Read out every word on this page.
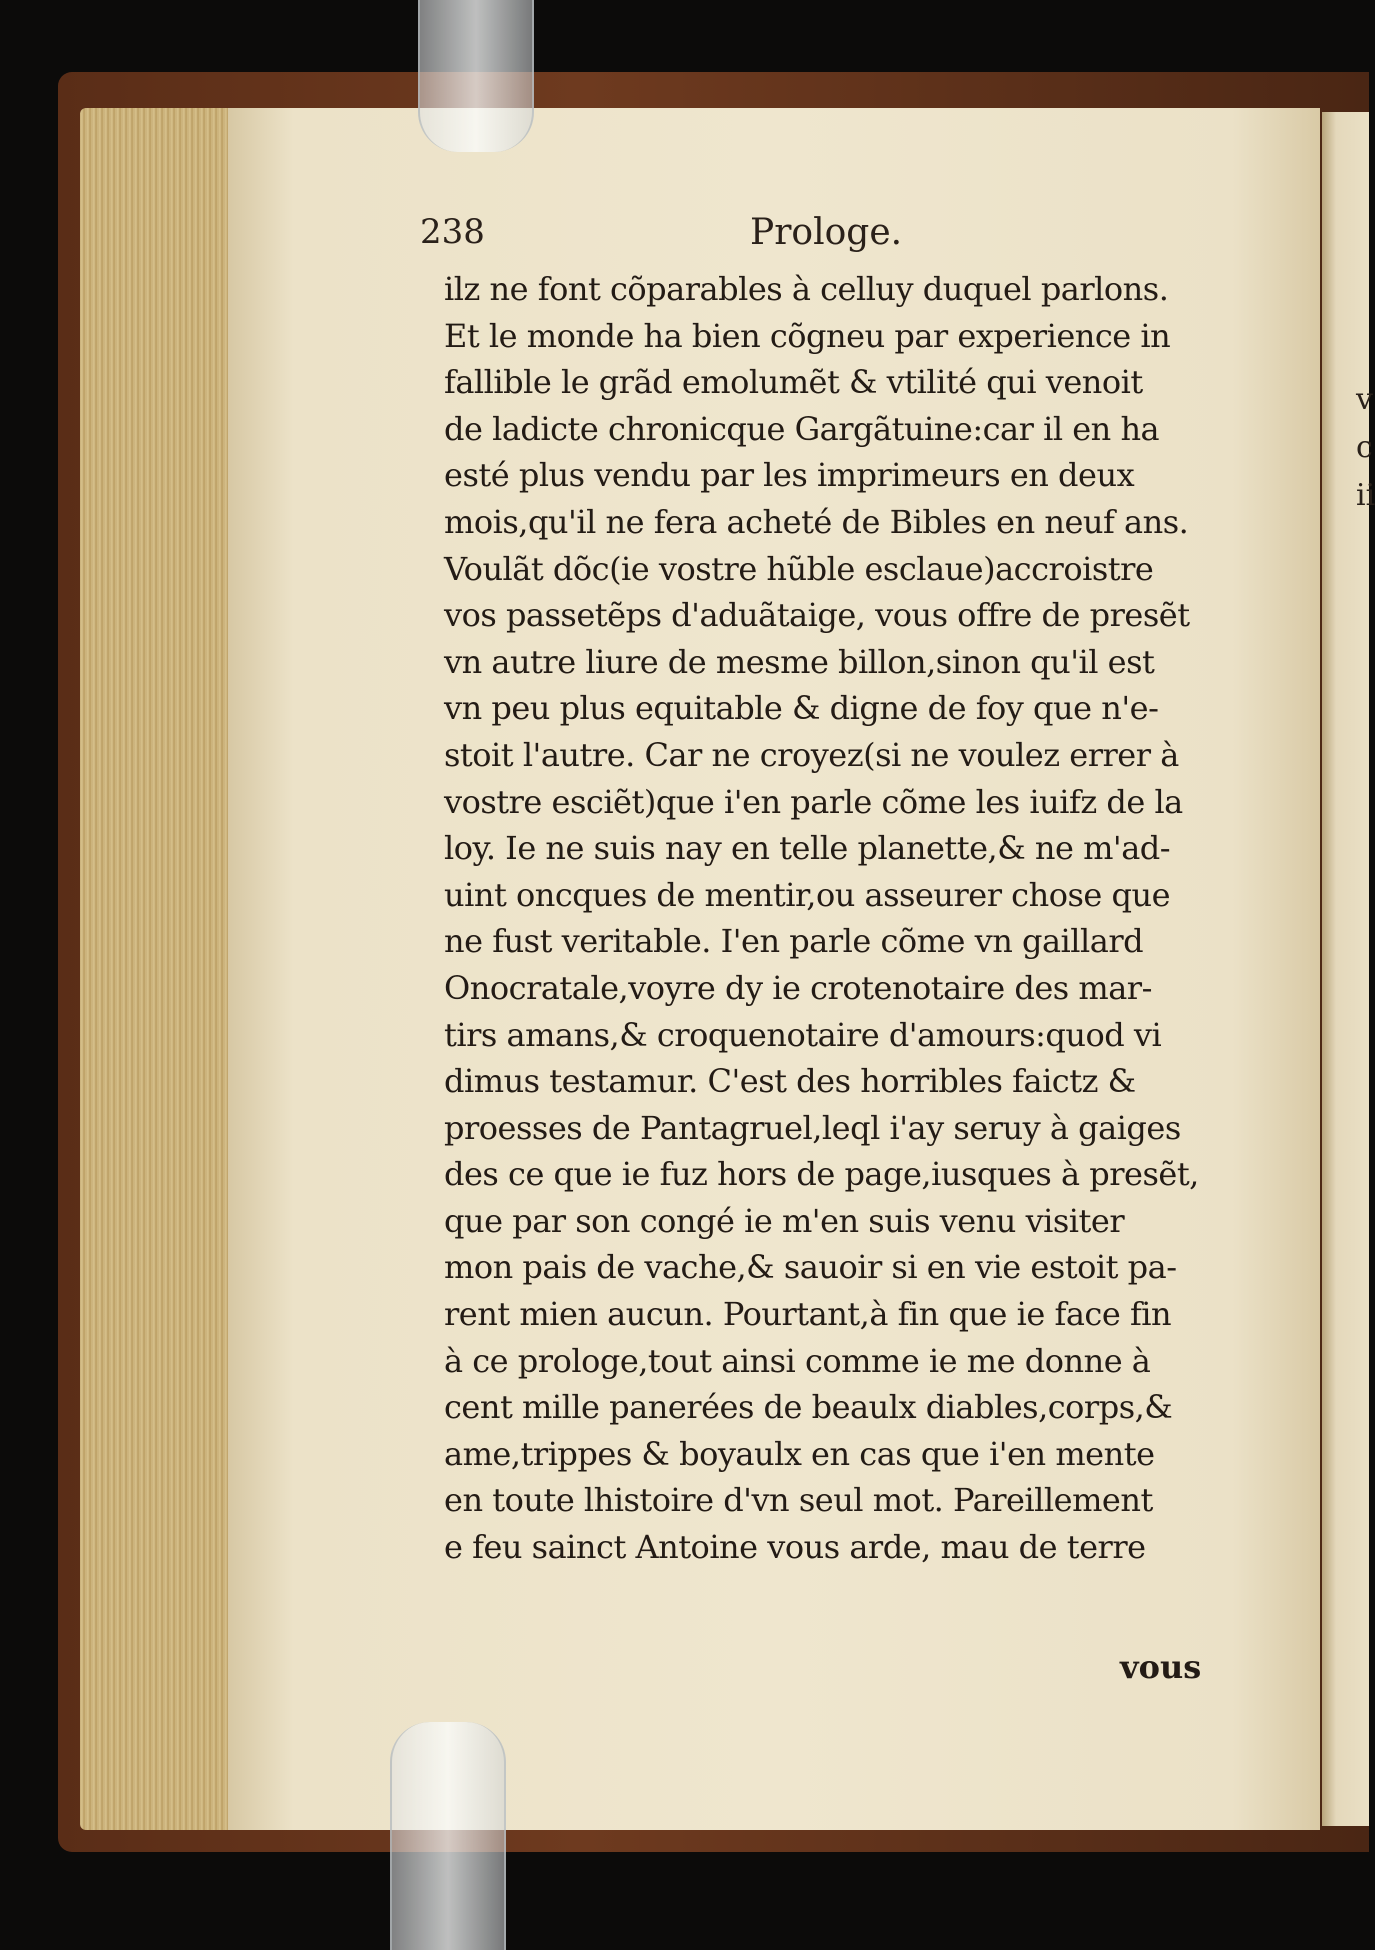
v
c
ii
238	Prologe.
ilz ne font cõparables à celluy duquel parlons.
Et le monde ha bien cõgneu par experience in
fallible le grãd emolumẽt & vtilité qui venoit
de ladicte chronicque Gargãtuine:car il en ha
esté plus vendu par les imprimeurs en deux
mois,qu'il ne fera acheté de Bibles en neuf ans.
Voulãt dõc(ie vostre hũble esclaue)accroistre
vos passetẽps d'aduãtaige, vous offre de presẽt
vn autre liure de mesme billon,sinon qu'il est
vn peu plus equitable & digne de foy que n'e-
stoit l'autre. Car ne croyez(si ne voulez errer à
vostre esciẽt)que i'en parle cõme les iuifz de la
loy. Ie ne suis nay en telle planette,& ne m'ad-
uint oncques de mentir,ou asseurer chose que
ne fust veritable. I'en parle cõme vn gaillard
Onocratale,voyre dy ie crotenotaire des mar-
tirs amans,& croquenotaire d'amours:quod vi
dimus testamur. C'est des horribles faictz &
proesses de Pantagruel,leql i'ay seruy à gaiges
des ce que ie fuz hors de page,iusques à presẽt,
que par son congé ie m'en suis venu visiter
mon pais de vache,& sauoir si en vie estoit pa-
rent mien aucun. Pourtant,à fin que ie face fin
à ce prologe,tout ainsi comme ie me donne à
cent mille panerées de beaulx diables,corps,&
ame,trippes & boyaulx en cas que i'en mente
en toute lhistoire d'vn seul mot. Pareillement
e feu sainct Antoine vous arde, mau de terre
vous
